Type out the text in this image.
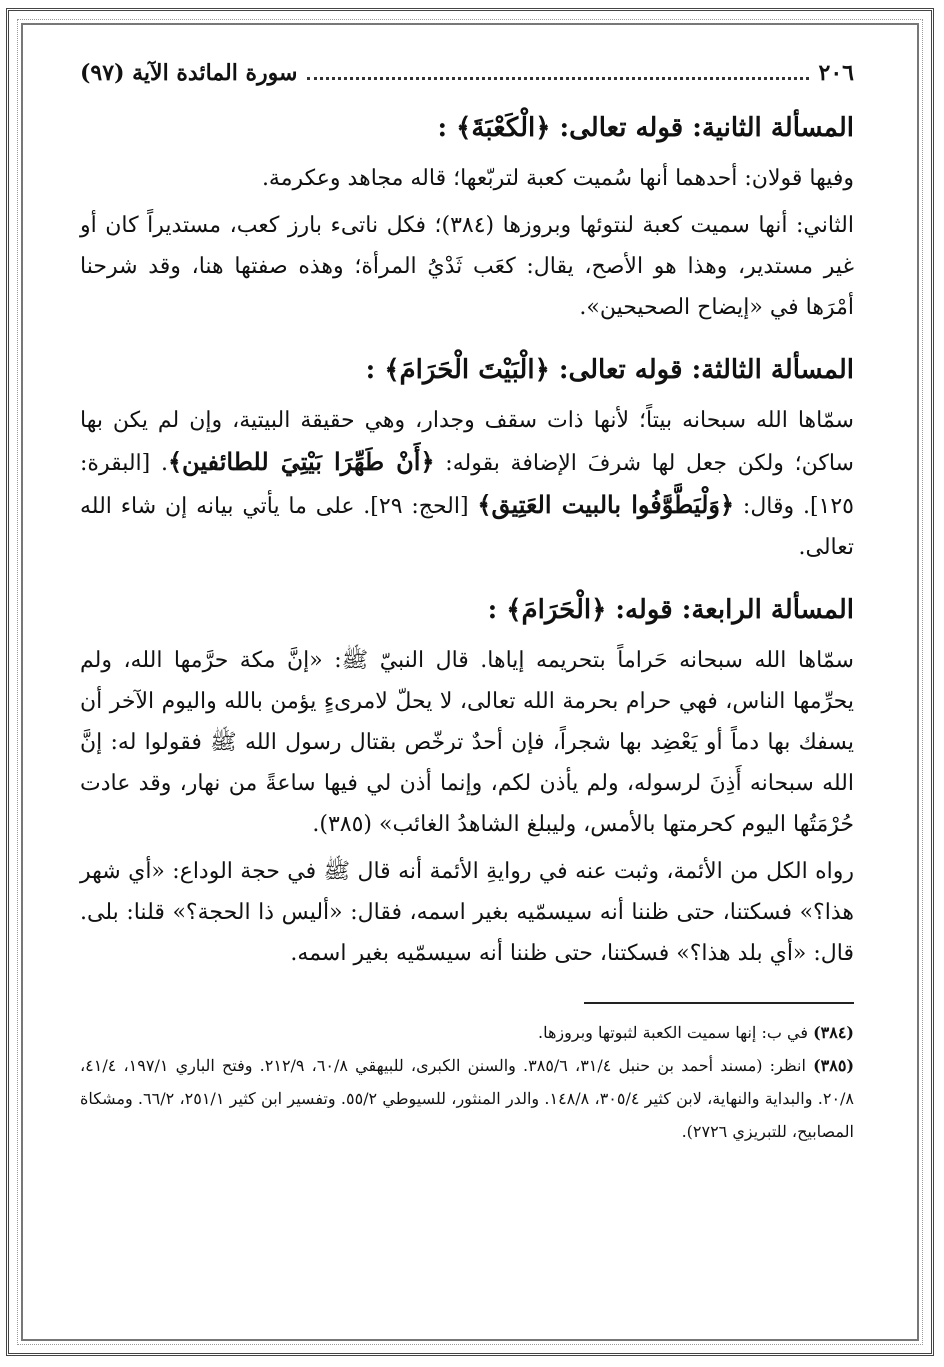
٢٠٦
سورة المائدة الآية (٩٧)
المسألة الثانية: قوله تعالى: ﴿الْكَعْبَةَ﴾ :

وفيها قولان: أحدهما أنها سُميت كعبة لتربّعها؛ قاله مجاهد وعكرمة.

الثاني: أنها سميت كعبة لنتوئها وبروزها (٣٨٤)؛ فكل ناتىء بارز كعب، مستديراً كان أو غير مستدير، وهذا هو الأصح، يقال: كعَب ثَدْيُ المرأة؛ وهذه صفتها هنا، وقد شرحنا أمْرَها في «إيضاح الصحيحين».

المسألة الثالثة: قوله تعالى: ﴿الْبَيْتَ الْحَرَامَ﴾ :

سمّاها الله سبحانه بيتاً؛ لأنها ذات سقف وجدار، وهي حقيقة البيتية، وإن لم يكن بها ساكن؛ ولكن جعل لها شرفَ الإضافة بقوله: ﴿أَنْ طَهِّرَا بَيْتِيَ للطائفين﴾. [البقرة: ١٢٥]. وقال: ﴿وَلْيَطَّوَّفُوا بالبيت العَتِيق﴾ [الحج: ٢٩]. على ما يأتي بيانه إن شاء الله تعالى.

المسألة الرابعة: قوله: ﴿الْحَرَامَ﴾ :

سمّاها الله سبحانه حَراماً بتحريمه إياها. قال النبيّ ﷺ: «إنَّ مكة حرَّمها الله، ولم يحرِّمها الناس، فهي حرام بحرمة الله تعالى، لا يحلّ لامرىءٍ يؤمن بالله واليوم الآخر أن يسفك بها دماً أو يَعْضِد بها شجراً، فإن أحدٌ ترخّص بقتال رسول الله ﷺ فقولوا له: إنَّ الله سبحانه أَذِنَ لرسوله، ولم يأذن لكم، وإنما أذن لي فيها ساعةً من نهار، وقد عادت حُرْمَتُها اليوم كحرمتها بالأمس، وليبلغ الشاهدُ الغائب» (٣٨٥).

رواه الكل من الأئمة، وثبت عنه في روايةِ الأئمة أنه قال ﷺ في حجة الوداع: «أي شهر هذا؟» فسكتنا، حتى ظننا أنه سيسمّيه بغير اسمه، فقال: «أليس ذا الحجة؟» قلنا: بلى. قال: «أي بلد هذا؟» فسكتنا، حتى ظننا أنه سيسمّيه بغير اسمه.

(٣٨٤) في ب: إنها سميت الكعبة لثبوتها وبروزها.

(٣٨٥) انظر: (مسند أحمد بن حنبل ٣١/٤، ٣٨٥/٦. والسنن الكبرى، للبيهقي ٦٠/٨، ٢١٢/٩. وفتح الباري ١٩٧/١، ٤١/٤، ٢٠/٨. والبداية والنهاية، لابن كثير ٣٠٥/٤، ١٤٨/٨. والدر المنثور، للسيوطي ٥٥/٢. وتفسير ابن كثير ٢٥١/١، ٦٦/٢. ومشكاة المصابيح، للتبريزي ٢٧٢٦).
